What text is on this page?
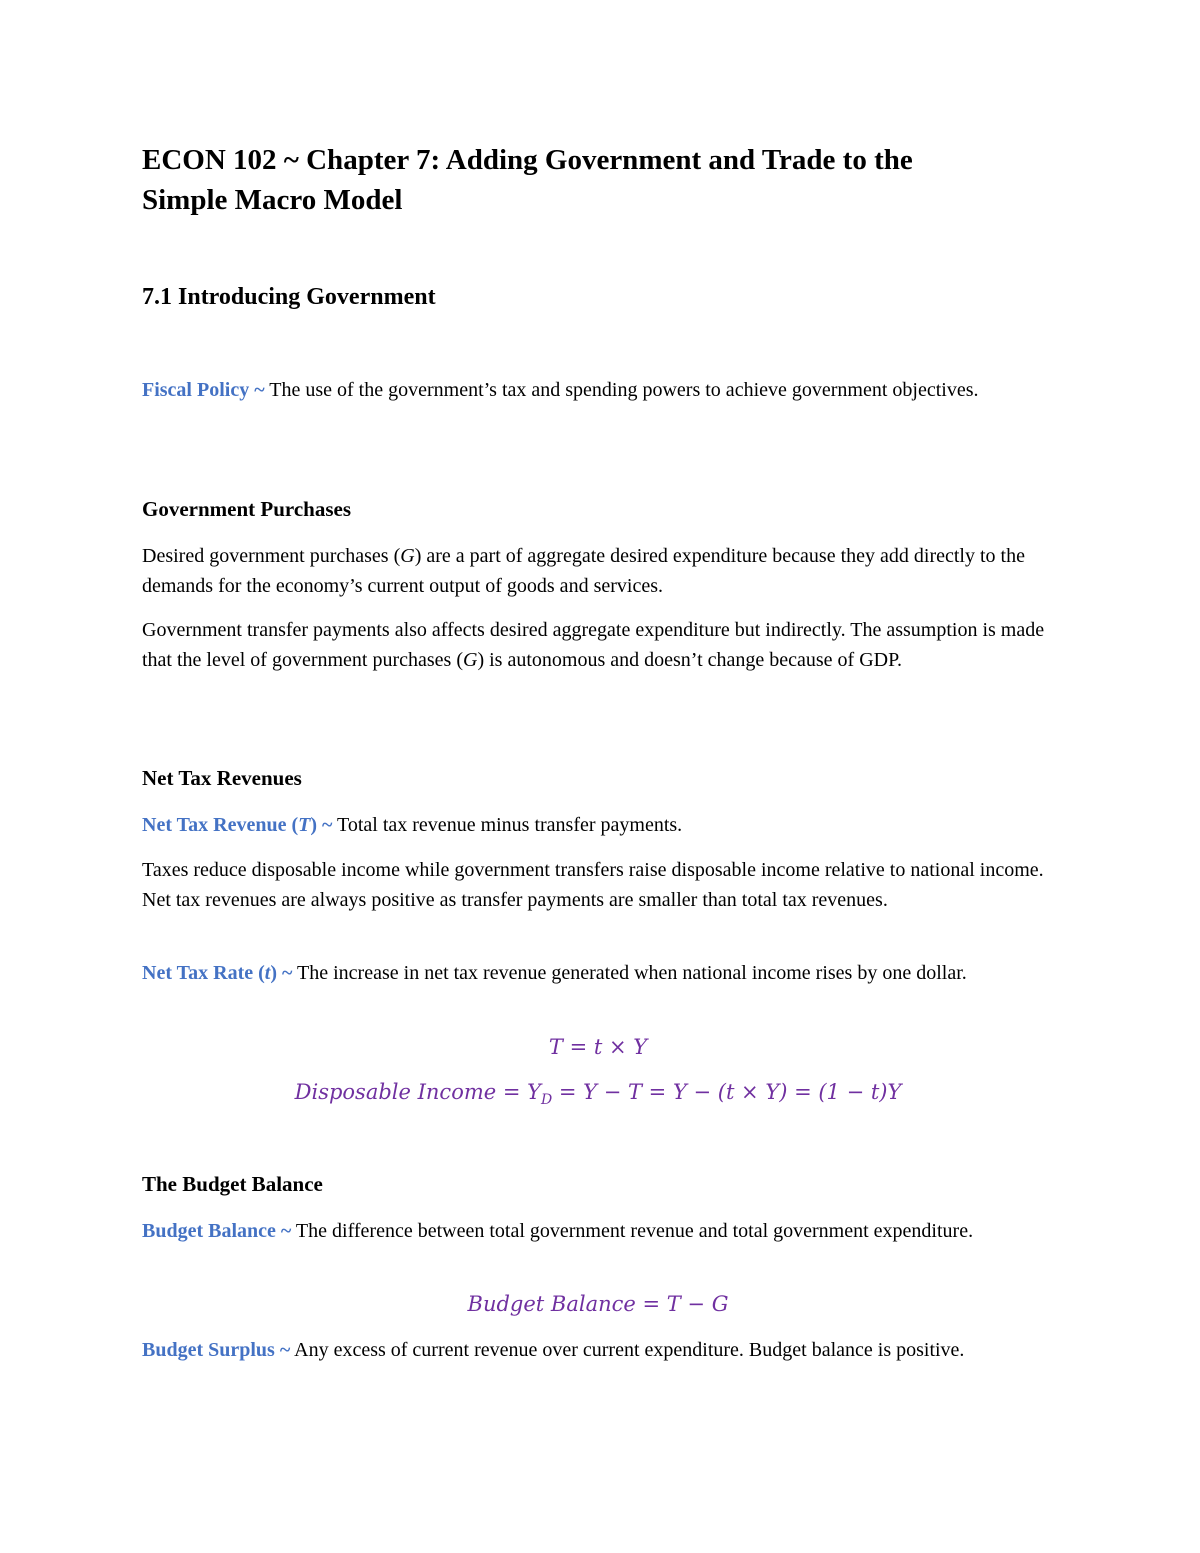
ECON 102 ~ Chapter 7: Adding Government and Trade to the
Simple Macro Model
7.1 Introducing Government

Fiscal Policy ~ The use of the government’s tax and spending powers to achieve government objectives.

Government Purchases

Desired government purchases (G) are a part of aggregate desired expenditure because they add directly to the demands for the economy’s current output of goods and services.

Government transfer payments also affects desired aggregate expenditure but indirectly. The assumption is made that the level of government purchases (G) is autonomous and doesn’t change because of GDP.

Net Tax Revenues

Net Tax Revenue (T) ~ Total tax revenue minus transfer payments.

Taxes reduce disposable income while government transfers raise disposable income relative to national income. Net tax revenues are always positive as transfer payments are smaller than total tax revenues.

Net Tax Rate (t) ~ The increase in net tax revenue generated when national income rises by one dollar.

T = t × Y

Disposable Income = $Y_D = Y - T = Y - (t \times Y) = (1 - t)Y$

The Budget Balance

Budget Balance ~ The difference between total government revenue and total government expenditure.

Budget Balance = T − G

Budget Surplus ~ Any excess of current revenue over current expenditure. Budget balance is positive.
